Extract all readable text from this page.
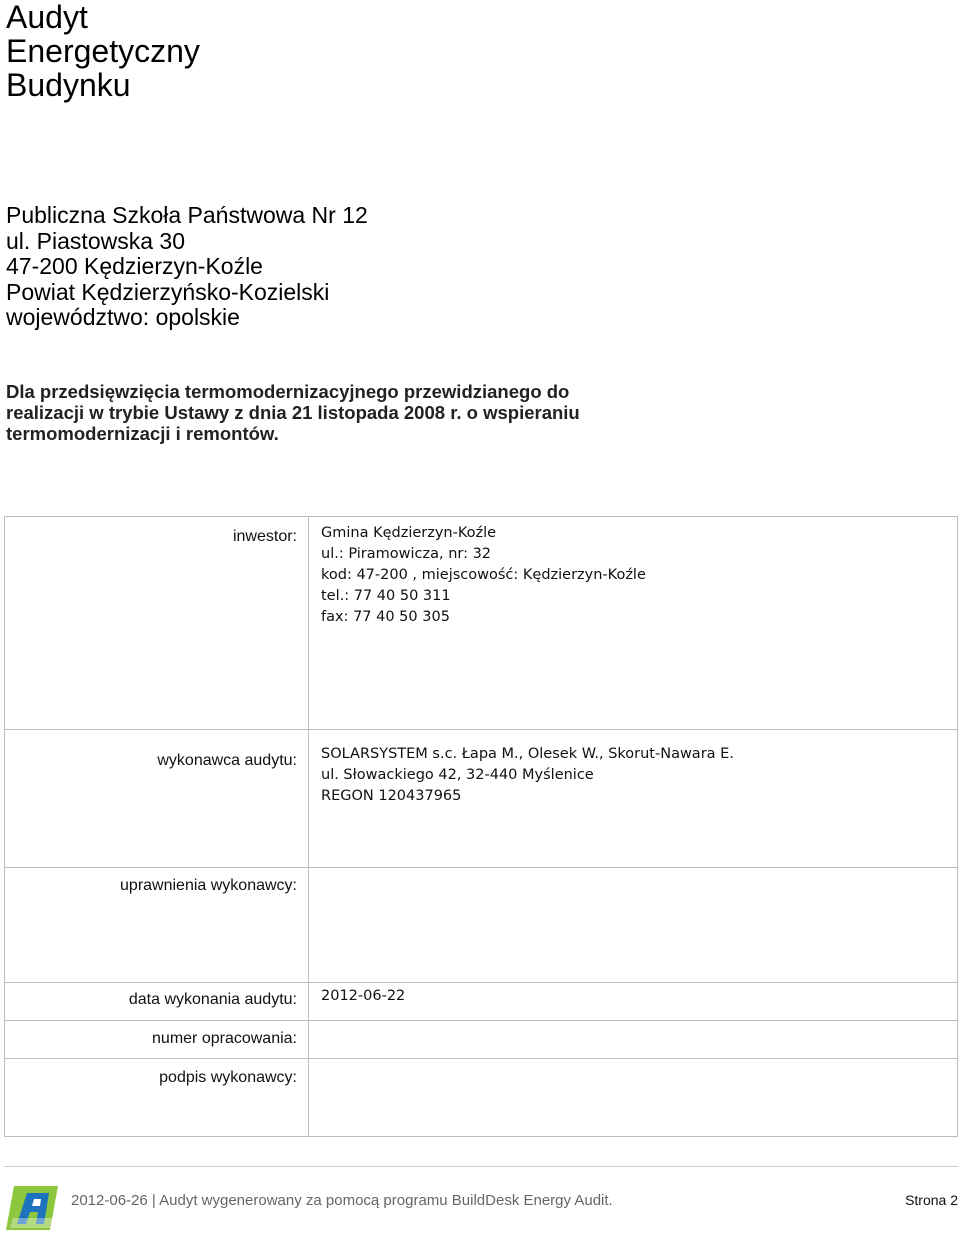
Audyt
Energetyczny
Budynku
Publiczna Szkoła Państwowa Nr 12
ul. Piastowska 30
47-200 Kędzierzyn-Koźle
Powiat Kędzierzyńsko-Kozielski
województwo: opolskie
Dla przedsięwzięcia termomodernizacyjnego przewidzianego do realizacji w trybie Ustawy z dnia 21 listopada 2008 r. o wspieraniu termomodernizacji i remontów.
inwestor:	Gmina Kędzierzyn-Koźle
ul.: Piramowicza, nr: 32
kod: 47-200 , miejscowość: Kędzierzyn-Koźle
tel.: 77 40 50 311
fax: 77 40 50 305

wykonawca audytu:	SOLARSYSTEM s.c. Łapa M., Olesek W., Skorut-Nawara E.
ul. Słowackiego 42, 32-440 Myślenice
REGON 120437965

uprawnienia wykonawcy:	
data wykonania audytu:	2012-06-22
numer opracowania:	
podpis wykonawcy:	
2012-06-26 | Audyt wygenerowany za pomocą programu BuildDesk Energy Audit.	Strona 2
